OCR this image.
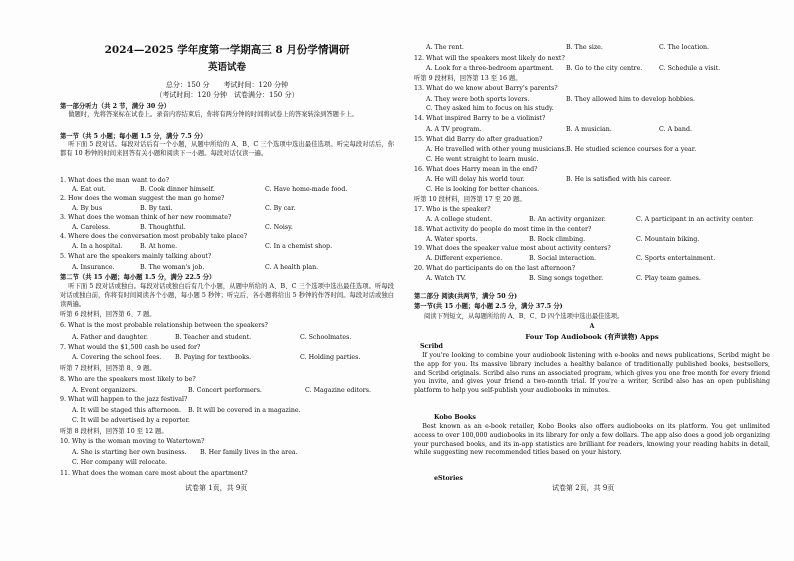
2024—2025 学年度第一学期高三 8 月份学情调研
英语试卷
总分：150 分　　考试时间：120 分钟
（考试时间：120 分钟　试卷满分：150 分）
第一部分听力（共 2 节，满分 30 分）
做题时，先将答案标在试卷上。录音内容结束后，你将有两分钟的时间将试卷上的答案转涂到答题卡上。
第一节（共 5 小题；每小题 1.5 分，满分 7.5 分）
听下面 5 段对话。每段对话后有一个小题，从题中所给的 A、B、C 三个选项中选出最佳选项。听完每段对话后，你都有 10 秒钟的时间来回答有关小题和阅读下一小题。每段对话仅读一遍。
1. What does the man want to do?
A. Eat out.	B. Cook dinner himself.	C. Have home-made food.
2. How does the woman suggest the man go home?
A. By bus	B. By taxi.	C. By car.
3. What does the woman think of her new roommate?
A. Careless.	B. Thoughtful.	C. Noisy.
4. Where does the conversation most probably take place?
A. In a hospital.	B. At home.	C. In a chemist shop.
5. What are the speakers mainly talking about?
A. Insurance.	B. The woman's job.	C. A health plan.
第二节（共 15 小题；每小题 1.5 分，满分 22.5 分）
听下面 5 段对话或独白。每段对话或独白后有几个小题，从题中所给的 A、B、C 三个选项中选出最佳选项。听每段对话或独白前，你将有时间阅读各个小题，每小题 5 秒钟；听完后，各小题将给出 5 秒钟的作答时间。每段对话或独白读两遍。
听第 6 段材料，回答第 6、7 题。
6. What is the most probable relationship between the speakers?
A. Father and daughter.	B. Teacher and student.	C. Schoolmates.
7. What would the $1,500 cash be used for?
A. Covering the school fees. B. Paying for textbooks.	C. Holding parties.
听第 7 段材料，回答第 8、9 题。
8. Who are the speakers most likely to be?
A. Event organizers.	B. Concert performers.	C. Magazine editors.
9. What will happen to the jazz festival?
A. It will be staged this afternoon. B. It will be covered in a magazine.
C. It will be advertised by a reporter.
听第 8 段材料，回答第 10 至 12 题。
10. Why is the woman moving to Watertown?
A. She is starting her own business. B. Her family lives in the area.
C. Her company will relocate.
11. What does the woman care most about the apartment?
试卷第 1页，共 9页
A. The rent.	B. The size.	C. The location.
12. What will the speakers most likely do next?
A. Look for a three-bedroom apartment. B. Go to the city centre.	C. Schedule a visit.
听第 9 段材料，回答第 13 至 16 题。
13. What do we know about Barry's parents?
A. They were both sports lovers.	B. They allowed him to develop hobbies.
C. They asked him to focus on his study.
14. What inspired Barry to be a violinist?
A. A TV program.	B. A musician.	C. A band.
15. What did Barry do after graduation?
A. He travelled with other young musicians. B. He studied science courses for a year.
C. He went straight to learn music.
16. What does Harry mean in the end?
A. He will delay his world tour.	B. He is satisfied with his career.
C. He is looking for better chances.
听第 10 段材料，回答第 17 至 20 题。
17. Who is the speaker?
A. A college student.	B. An activity organizer.	C. A participant in an activity center.
18. What activity do people do most time in the center?
A. Water sports.	B. Rock climbing.	C. Mountain biking.
19. What does the speaker value most about activity centers?
A. Different experience.	B. Social interaction.	C. Sports entertainment.
20. What do participants do on the last afternoon?
A. Watch TV.	B. Sing songs together.	C. Play team games.
第二部分 阅读(共两节，满分 50 分)
第一节(共 15 小题；每小题 2.5 分，满分 37.5 分)
阅读下列短文，从每题所给的 A、B、C、D 四个选项中选出最佳选项。
A
Four Top Audiobook (有声读物) Apps
Scribd
If you're looking to combine your audiobook listening with e-books and news publications, Scribd might be the app for you. Its massive library includes a healthy balance of traditionally published books, bestsellers, and Scribd originals. Scribd also runs an associated program, which gives you one free month for every friend you invite, and gives your friend a two-month trial. If you're a writer, Scribd also has an open publishing platform to help you self-publish your audiobooks in minutes.
Kobo Books
Best known as an e-book retailer, Kobo Books also offers audiobooks on its platform. You get unlimited access to over 100,000 audiobooks in its library for only a few dollars. The app also does a good job organizing your purchased books, and its in-app statistics are brilliant for readers, knowing your reading habits in detail, while suggesting new recommended titles based on your history.
eStories
试卷第 2页，共 9页
